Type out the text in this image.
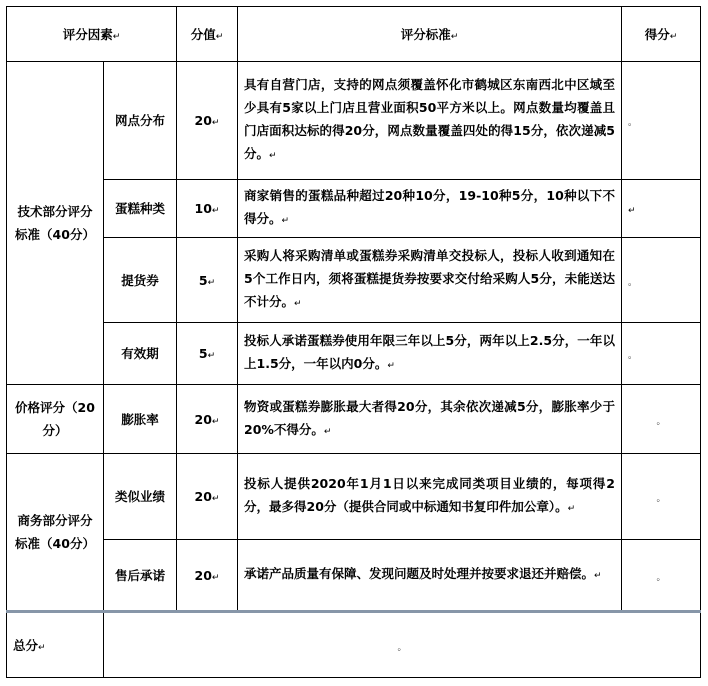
评分因素↵		分值↵	评分标准↵	得分↵
技术部分评分标准（40分）	网点分布	20↵	具有自营门店，支持的网点须覆盖怀化市鹤城区东南西北中区域至少具有5家以上门店且营业面积50平方米以上。网点数量均覆盖且门店面积达标的得20分，网点数量覆盖四处的得15分，依次递减5分。↵	。
	蛋糕种类	10↵	商家销售的蛋糕品种超过20种10分，19-10种5分，10种以下不得分。↵	↵
	提货券	5↵	采购人将采购清单或蛋糕券采购清单交投标人，投标人收到通知在5个工作日内，须将蛋糕提货券按要求交付给采购人5分，未能送达不计分。↵	。
	有效期	5↵	投标人承诺蛋糕券使用年限三年以上5分，两年以上2.5分，一年以上1.5分，一年以内0分。↵	。
价格评分（20分）	膨胀率	20↵	物资或蛋糕券膨胀最大者得20分，其余依次递减5分，膨胀率少于20%不得分。↵	。
商务部分评分标准（40分）	类似业绩	20↵	投标人提供2020年1月1日以来完成同类项目业绩的，每项得2分，最多得20分（提供合同或中标通知书复印件加公章）。↵	。
	售后承诺	20↵	承诺产品质量有保障、发现问题及时处理并按要求退还并赔偿。↵	。
总分↵	。			
